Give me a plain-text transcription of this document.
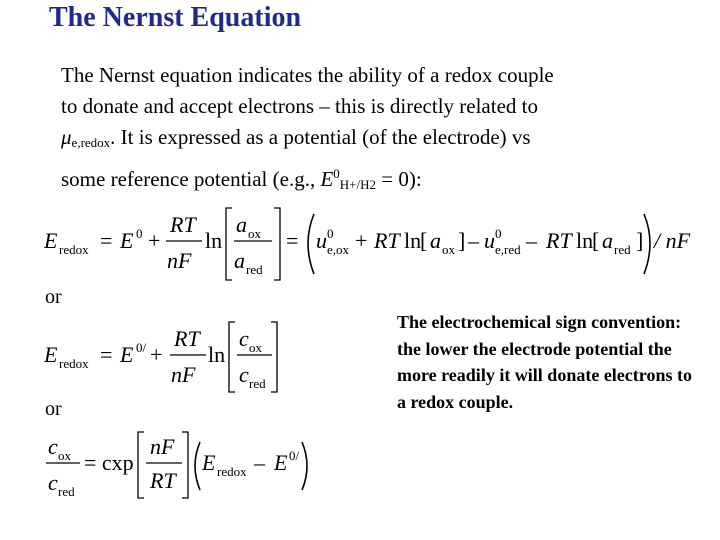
The Nernst Equation
The Nernst equation indicates the ability of a redox couple
to donate and accept electrons – this is directly related to
$\mu_{e,redox}$. It is expressed as a potential (of the electrode) vs
some reference potential (e.g., $E^0_{H+/H2} = 0$):
E redox = E 0 +
RT
nF
ln
a ox
a red
= u 0
e,ox + RT ln
[ a ox ] – u 0
e,red – RT ln
[ a red ] / nF
or
E redox = E 0/ +
RT
nF
ln
c ox
c red
or
c ox
c red
= cxp
nF
RT
E redox – E 0/
The electrochemical sign convention: the lower the electrode potential the more readily it will donate electrons to a redox couple.
